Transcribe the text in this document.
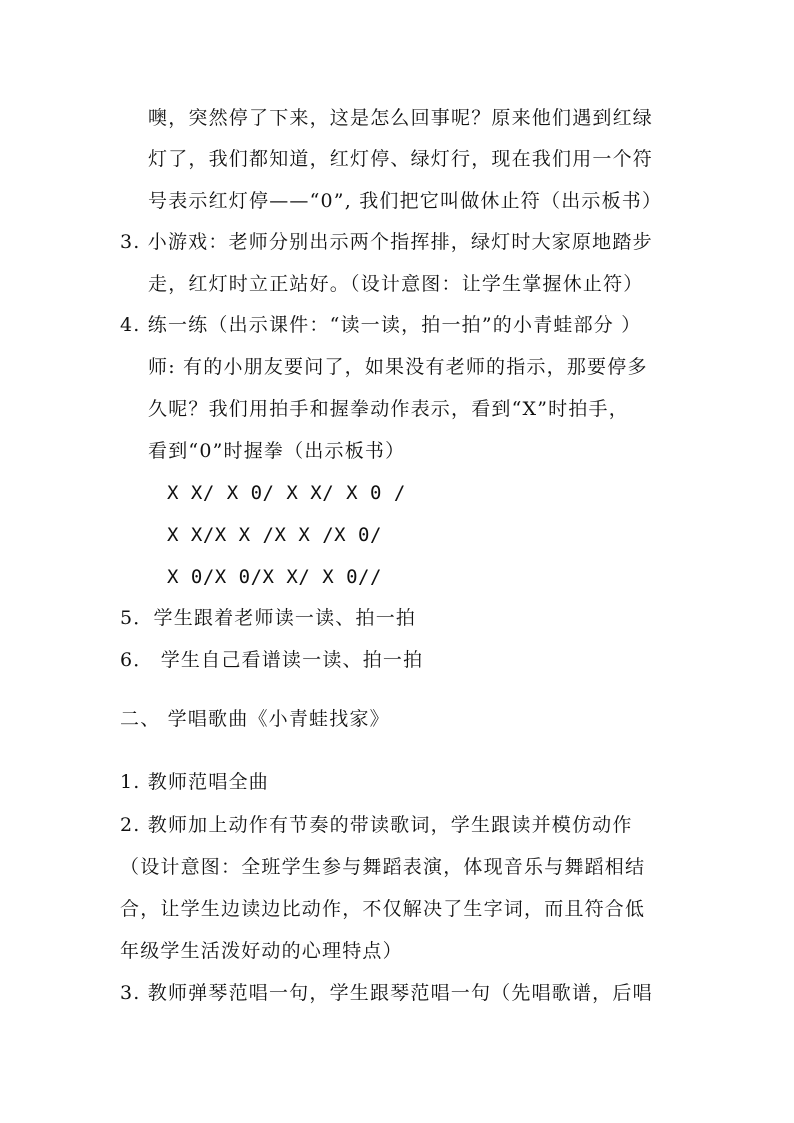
噢，突然停了下来，这是怎么回事呢？原来他们遇到红绿
灯了，我们都知道，红灯停、绿灯行，现在我们用一个符
号表示红灯停——“0”, 我们把它叫做休止符（出示板书）
3. 小游戏：老师分别出示两个指挥排，绿灯时大家原地踏步
走，红灯时立正站好。（设计意图：让学生掌握休止符）
4. 练一练（出示课件：“读一读，拍一拍”的小青蛙部分 ）
师: 有的小朋友要问了，如果没有老师的指示，那要停多
久呢？我们用拍手和握拳动作表示，看到“X”时拍手，
看到“0”时握拳（出示板书）
X X/ X 0/ X X/ X 0 /
X X/X X /X X /X 0/
X 0/X 0/X X/ X 0//
5．学生跟着老师读一读、拍一拍
6． 学生自己看谱读一读、拍一拍
二、 学唱歌曲《小青蛙找家》
1. 教师范唱全曲
2. 教师加上动作有节奏的带读歌词，学生跟读并模仿动作
（设计意图：全班学生参与舞蹈表演，体现音乐与舞蹈相结
合，让学生边读边比动作，不仅解决了生字词，而且符合低
年级学生活泼好动的心理特点）
3. 教师弹琴范唱一句，学生跟琴范唱一句（先唱歌谱，后唱
